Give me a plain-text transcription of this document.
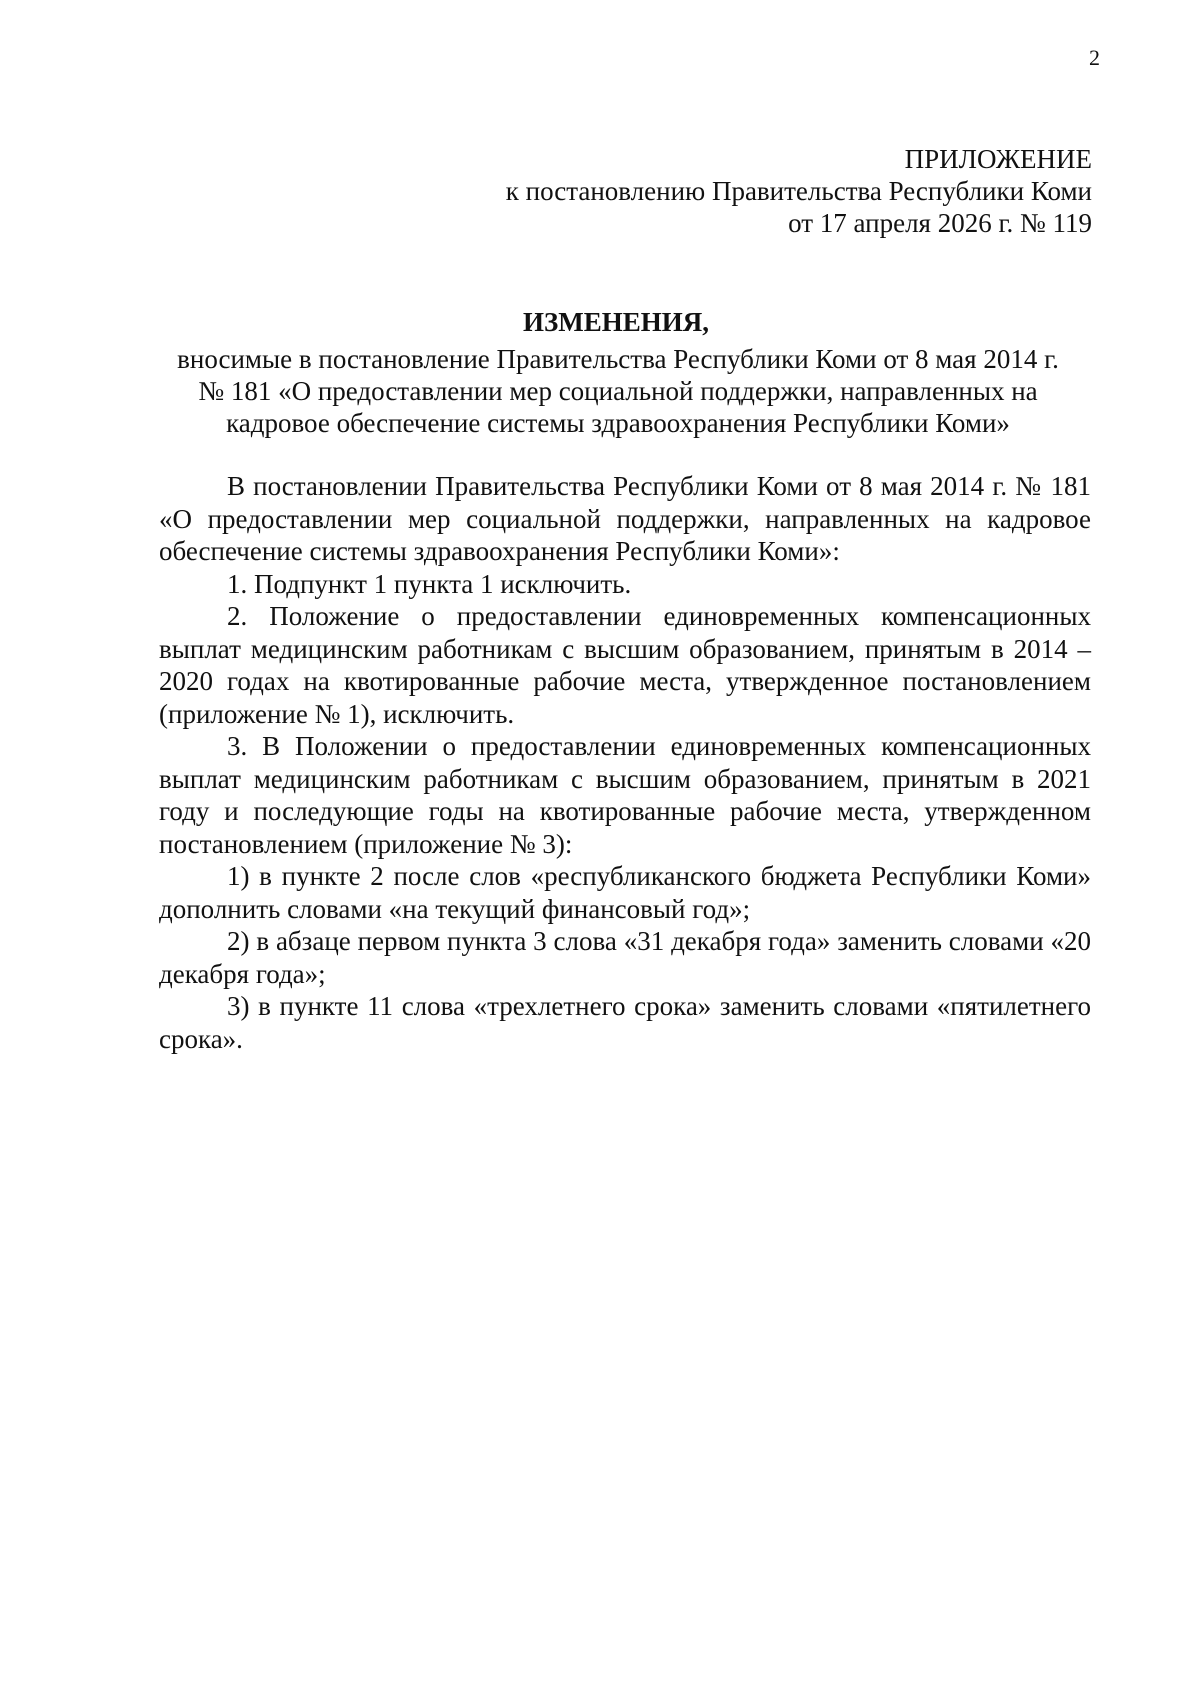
2
ПРИЛОЖЕНИЕ
к постановлению Правительства Республики Коми
от 17 апреля 2026 г. № 119
ИЗМЕНЕНИЯ,
вносимые в постановление Правительства Республики Коми от 8 мая 2014 г.
№ 181 «О предоставлении мер социальной поддержки, направленных на
кадровое обеспечение системы здравоохранения Республики Коми»

В постановлении Правительства Республики Коми от 8 мая 2014 г. № 181 «О предоставлении мер социальной поддержки, направленных на кадровое обеспечение системы здравоохранения Республики Коми»:

1. Подпункт 1 пункта 1 исключить.

2. Положение о предоставлении единовременных компенсационных выплат медицинским работникам с высшим образованием, принятым в 2014 – 2020 годах на квотированные рабочие места, утвержденное постановлением (приложение № 1), исключить.

3. В Положении о предоставлении единовременных компенсационных выплат медицинским работникам с высшим образованием, принятым в 2021 году и последующие годы на квотированные рабочие места, утвержденном постановлением (приложение № 3):

1) в пункте 2 после слов «республиканского бюджета Республики Коми» дополнить словами «на текущий финансовый год»;

2) в абзаце первом пункта 3 слова «31 декабря года» заменить словами «20 декабря года»;

3) в пункте 11 слова «трехлетнего срока» заменить словами «пятилетнего срока».
